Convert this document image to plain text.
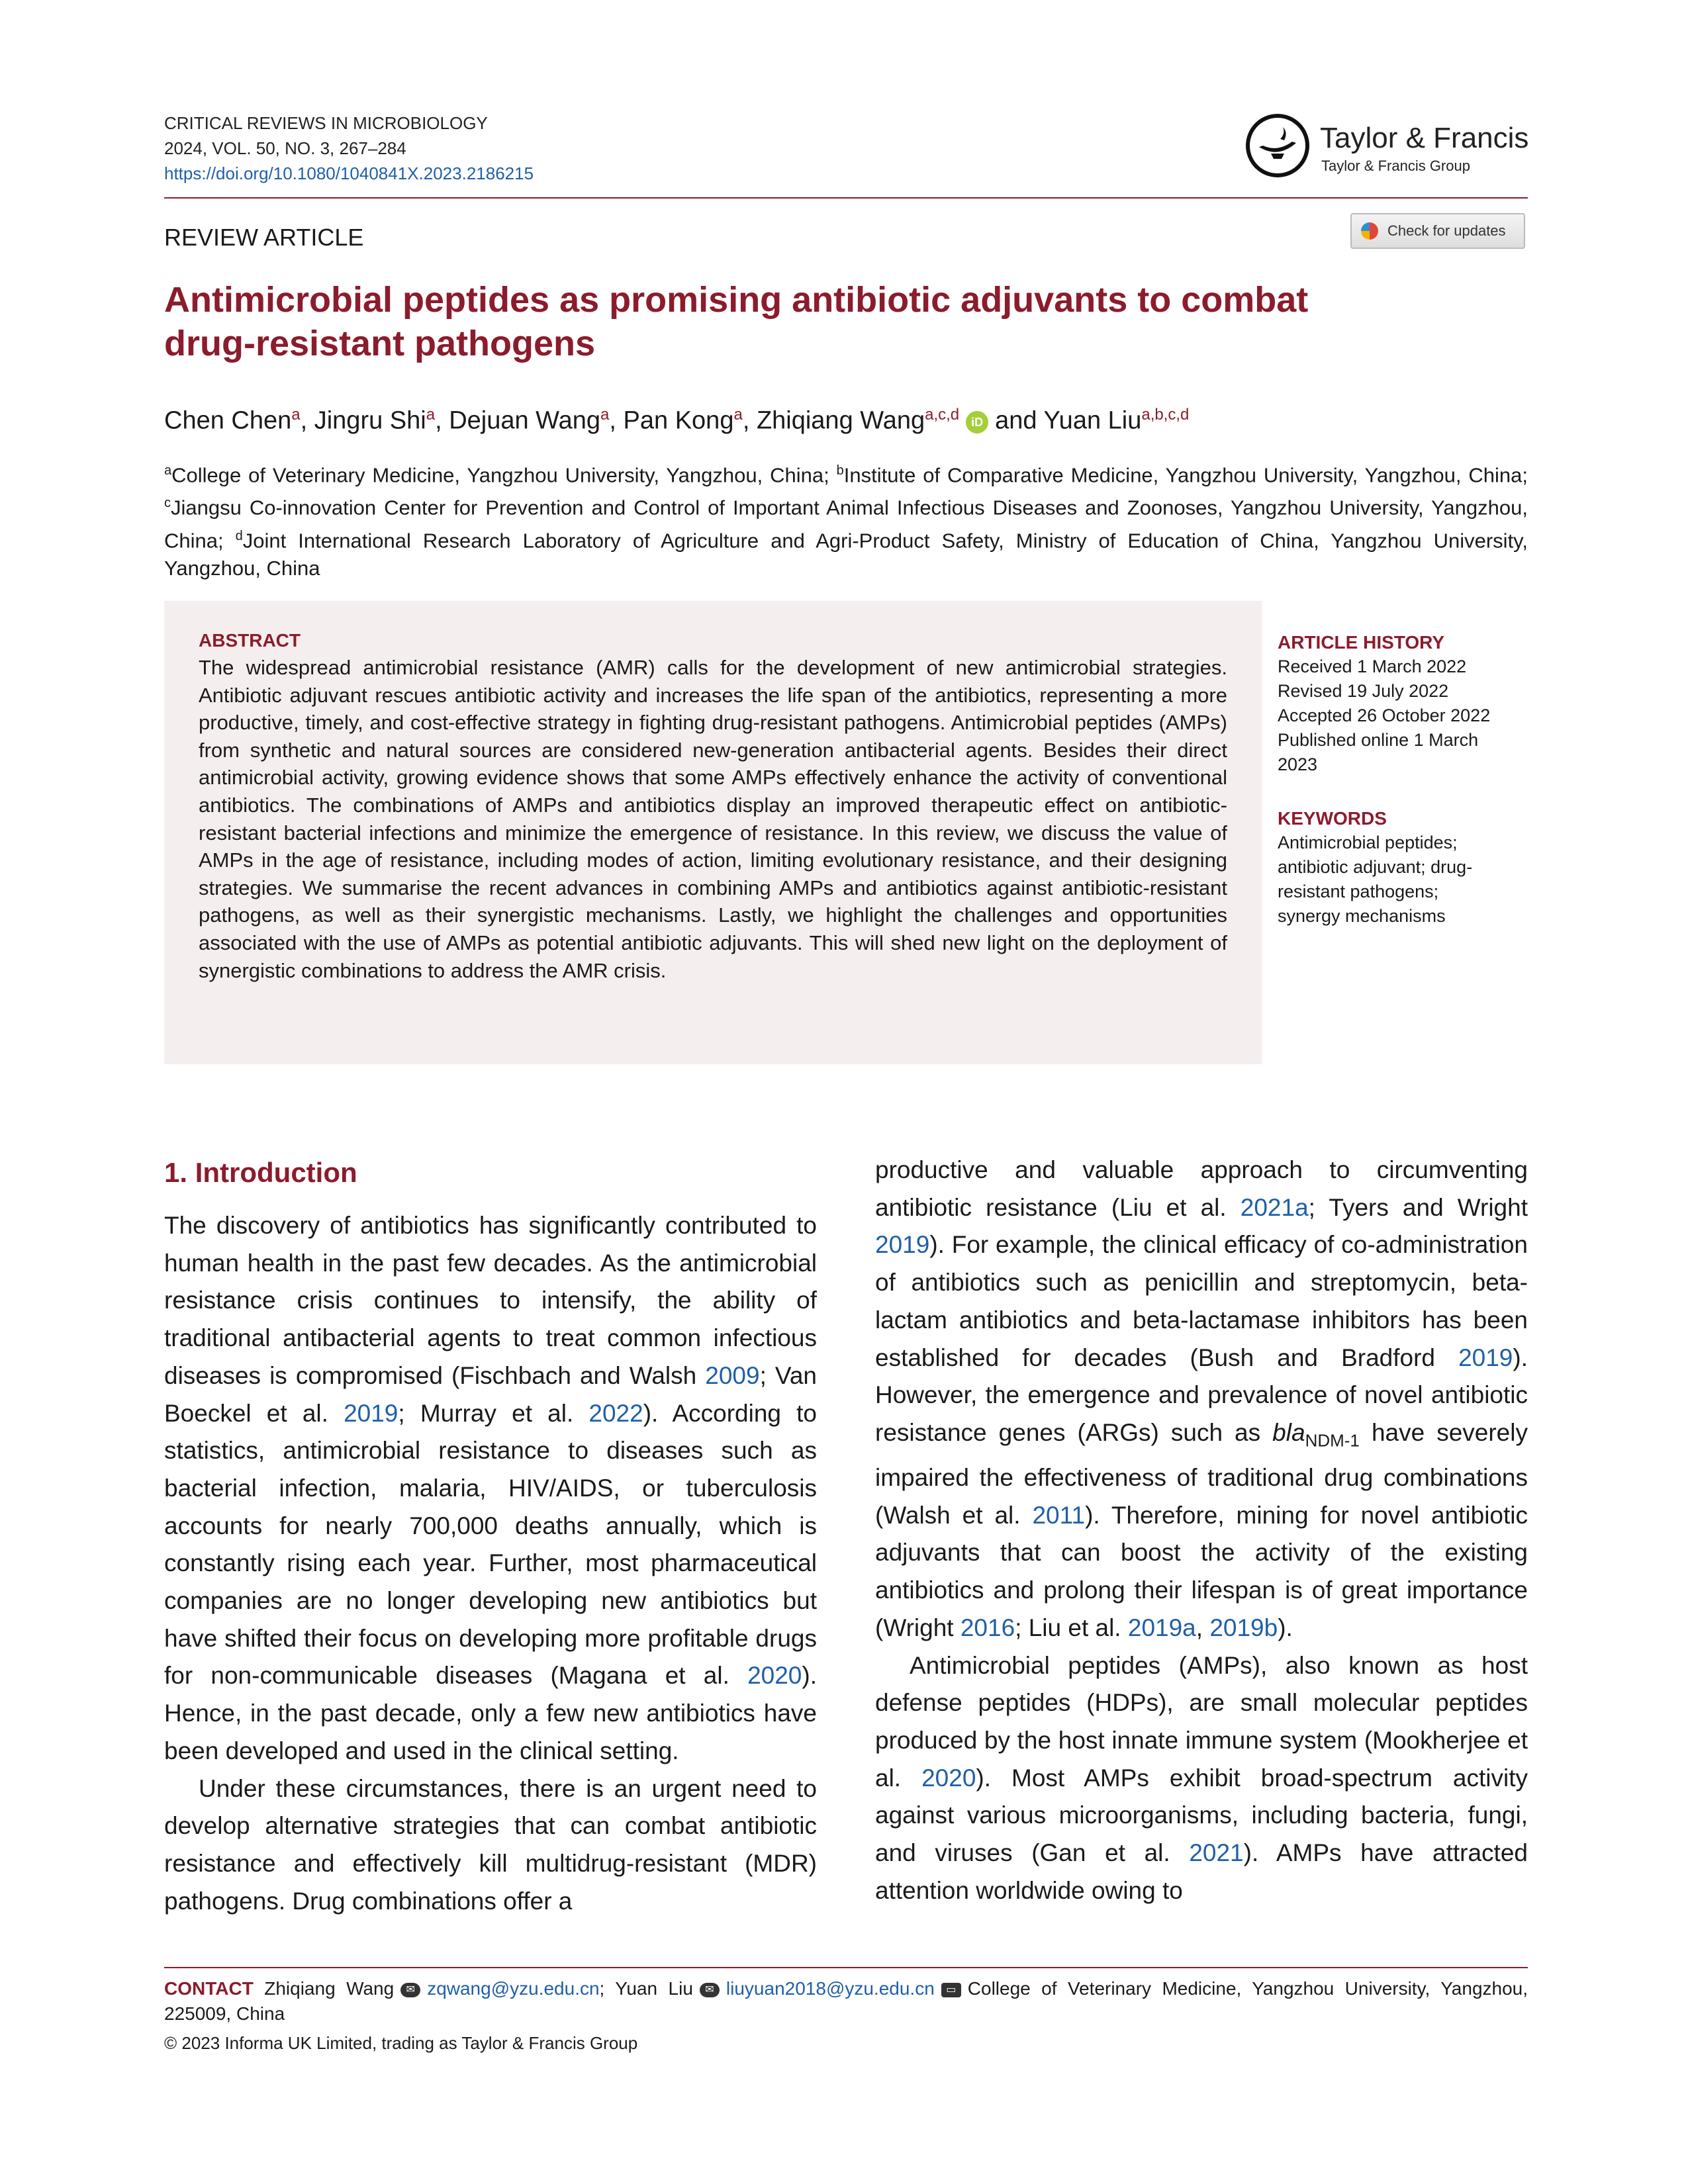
CRITICAL REVIEWS IN MICROBIOLOGY
2024, VOL. 50, NO. 3, 267–284
https://doi.org/10.1080/1040841X.2023.2186215
Taylor & Francis
Taylor & Francis Group
Check for updates
REVIEW ARTICLE
Antimicrobial peptides as promising antibiotic adjuvants to combat
drug-resistant pathogens
Chen Chen$^a$, Jingru Shi$^a$, Dejuan Wang$^a$, Pan Kong$^a$, Zhiqiang Wang$^{a,c,d}$ iD and Yuan Liu$^{a,b,c,d}$
$^a$College of Veterinary Medicine, Yangzhou University, Yangzhou, China; $^b$Institute of Comparative Medicine, Yangzhou University, Yangzhou, China; $^c$Jiangsu Co-innovation Center for Prevention and Control of Important Animal Infectious Diseases and Zoonoses, Yangzhou University, Yangzhou, China; $^d$Joint International Research Laboratory of Agriculture and Agri-Product Safety, Ministry of Education of China, Yangzhou University, Yangzhou, China
ABSTRACT
The widespread antimicrobial resistance (AMR) calls for the development of new antimicrobial strategies. Antibiotic adjuvant rescues antibiotic activity and increases the life span of the antibiotics, representing a more productive, timely, and cost-effective strategy in fighting drug-resistant pathogens. Antimicrobial peptides (AMPs) from synthetic and natural sources are considered new-generation antibacterial agents. Besides their direct antimicrobial activity, growing evidence shows that some AMPs effectively enhance the activity of conventional antibiotics. The combinations of AMPs and antibiotics display an improved therapeutic effect on antibiotic-resistant bacterial infections and minimize the emergence of resistance. In this review, we discuss the value of AMPs in the age of resistance, including modes of action, limiting evolutionary resistance, and their designing strategies. We summarise the recent advances in combining AMPs and antibiotics against antibiotic-resistant pathogens, as well as their synergistic mechanisms. Lastly, we highlight the challenges and opportunities associated with the use of AMPs as potential antibiotic adjuvants. This will shed new light on the deployment of synergistic combinations to address the AMR crisis.
ARTICLE HISTORY
Received 1 March 2022
Revised 19 July 2022
Accepted 26 October 2022
Published online 1 March 2023
KEYWORDS
Antimicrobial peptides; antibiotic adjuvant; drug-resistant pathogens; synergy mechanisms
1. Introduction

The discovery of antibiotics has significantly contributed to human health in the past few decades. As the antimicrobial resistance crisis continues to intensify, the ability of traditional antibacterial agents to treat common infectious diseases is compromised (Fischbach and Walsh 2009; Van Boeckel et al. 2019; Murray et al. 2022). According to statistics, antimicrobial resistance to diseases such as bacterial infection, malaria, HIV/AIDS, or tuberculosis accounts for nearly 700,000 deaths annually, which is constantly rising each year. Further, most pharmaceutical companies are no longer developing new antibiotics but have shifted their focus on developing more profitable drugs for non-communicable diseases (Magana et al. 2020). Hence, in the past decade, only a few new antibiotics have been developed and used in the clinical setting.

Under these circumstances, there is an urgent need to develop alternative strategies that can combat antibiotic resistance and effectively kill multidrug-resistant (MDR) pathogens. Drug combinations offer a

productive and valuable approach to circumventing antibiotic resistance (Liu et al. 2021a; Tyers and Wright 2019). For example, the clinical efficacy of co-administration of antibiotics such as penicillin and streptomycin, beta-lactam antibiotics and beta-lactamase inhibitors has been established for decades (Bush and Bradford 2019). However, the emergence and prevalence of novel antibiotic resistance genes (ARGs) such as bla$_{NDM-1}$ have severely impaired the effectiveness of traditional drug combinations (Walsh et al. 2011). Therefore, mining for novel antibiotic adjuvants that can boost the activity of the existing antibiotics and prolong their lifespan is of great importance (Wright 2016; Liu et al. 2019a, 2019b).

Antimicrobial peptides (AMPs), also known as host defense peptides (HDPs), are small molecular peptides produced by the host innate immune system (Mookherjee et al. 2020). Most AMPs exhibit broad-spectrum activity against various microorganisms, including bacteria, fungi, and viruses (Gan et al. 2021). AMPs have attracted attention worldwide owing to

CONTACT Zhiqiang Wang ✉ zqwang@yzu.edu.cn; Yuan Liu ✉ liuyuan2018@yzu.edu.cn ▭ College of Veterinary Medicine, Yangzhou University, Yangzhou, 225009, China
© 2023 Informa UK Limited, trading as Taylor & Francis Group
